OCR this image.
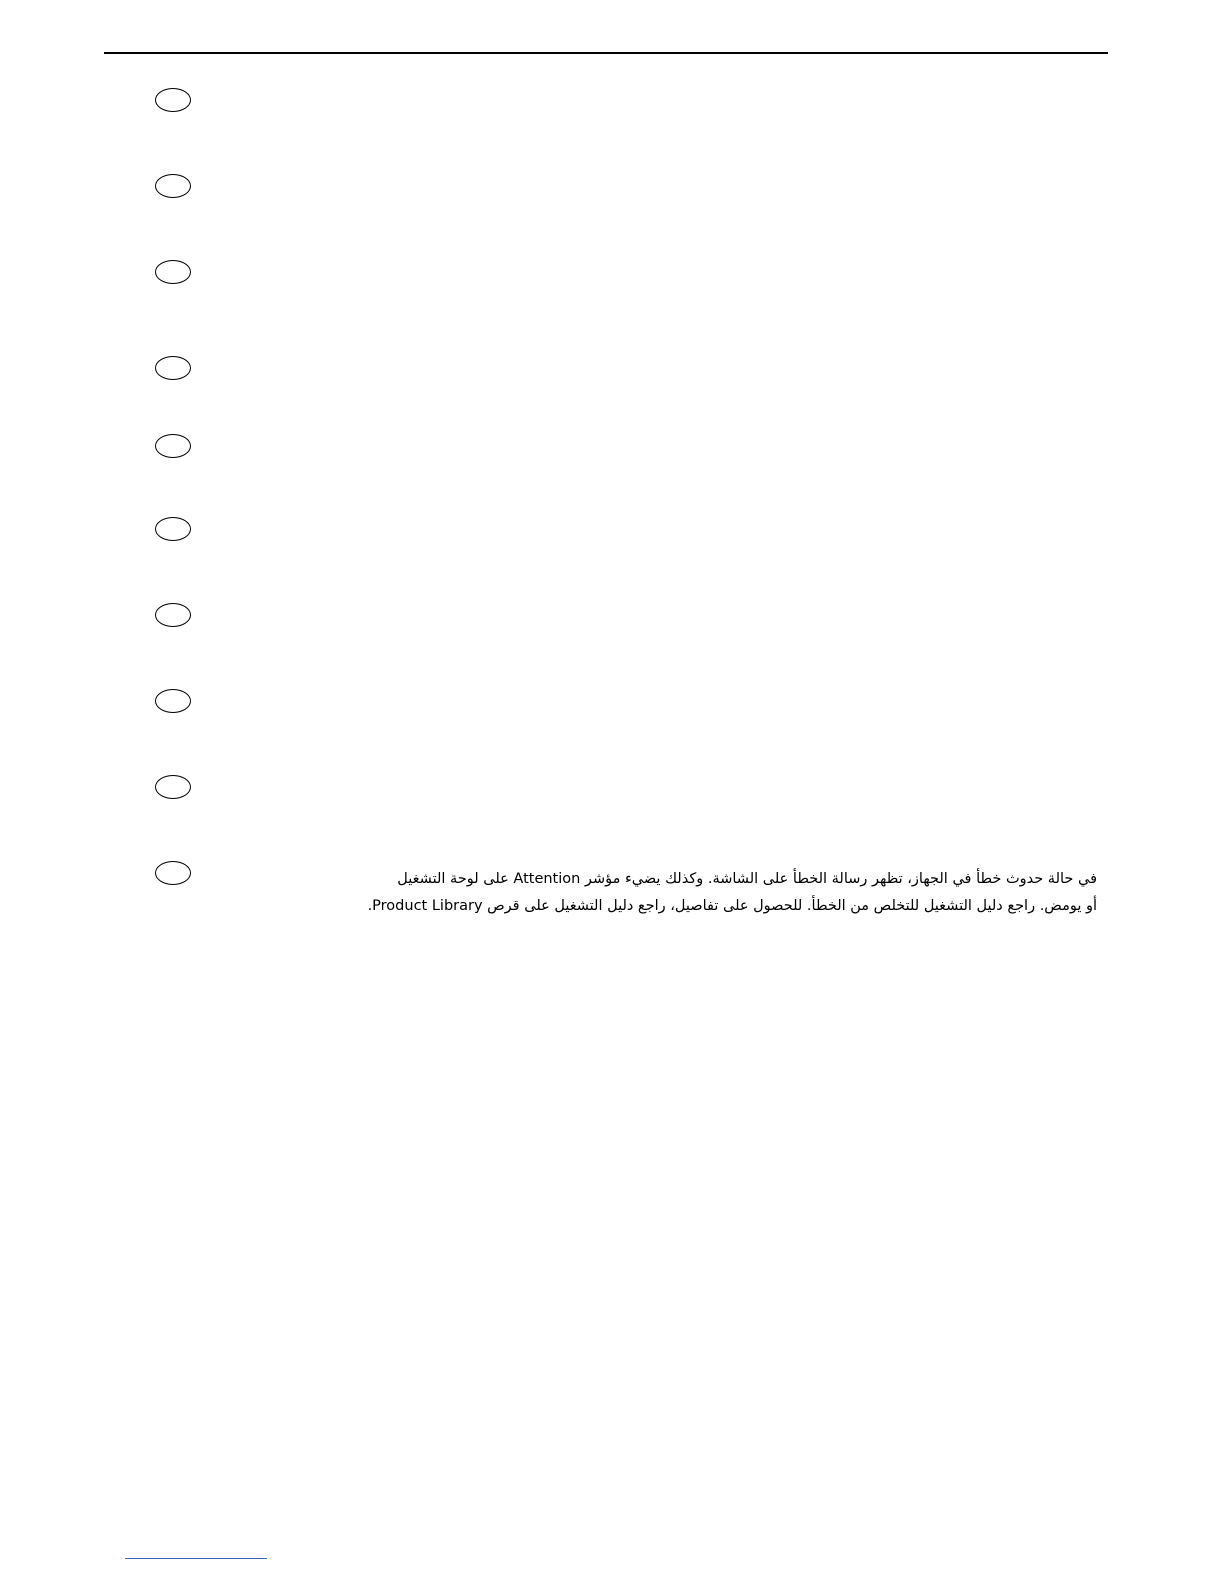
في حالة حدوث خطأ في الجهاز، تظهر رسالة الخطأ على الشاشة. وكذلك يضيء مؤشر Attention على لوحة التشغيل
أو يومض. راجع دليل التشغيل للتخلص من الخطأ. للحصول على تفاصيل، راجع دليل التشغيل على قرص Product Library.
